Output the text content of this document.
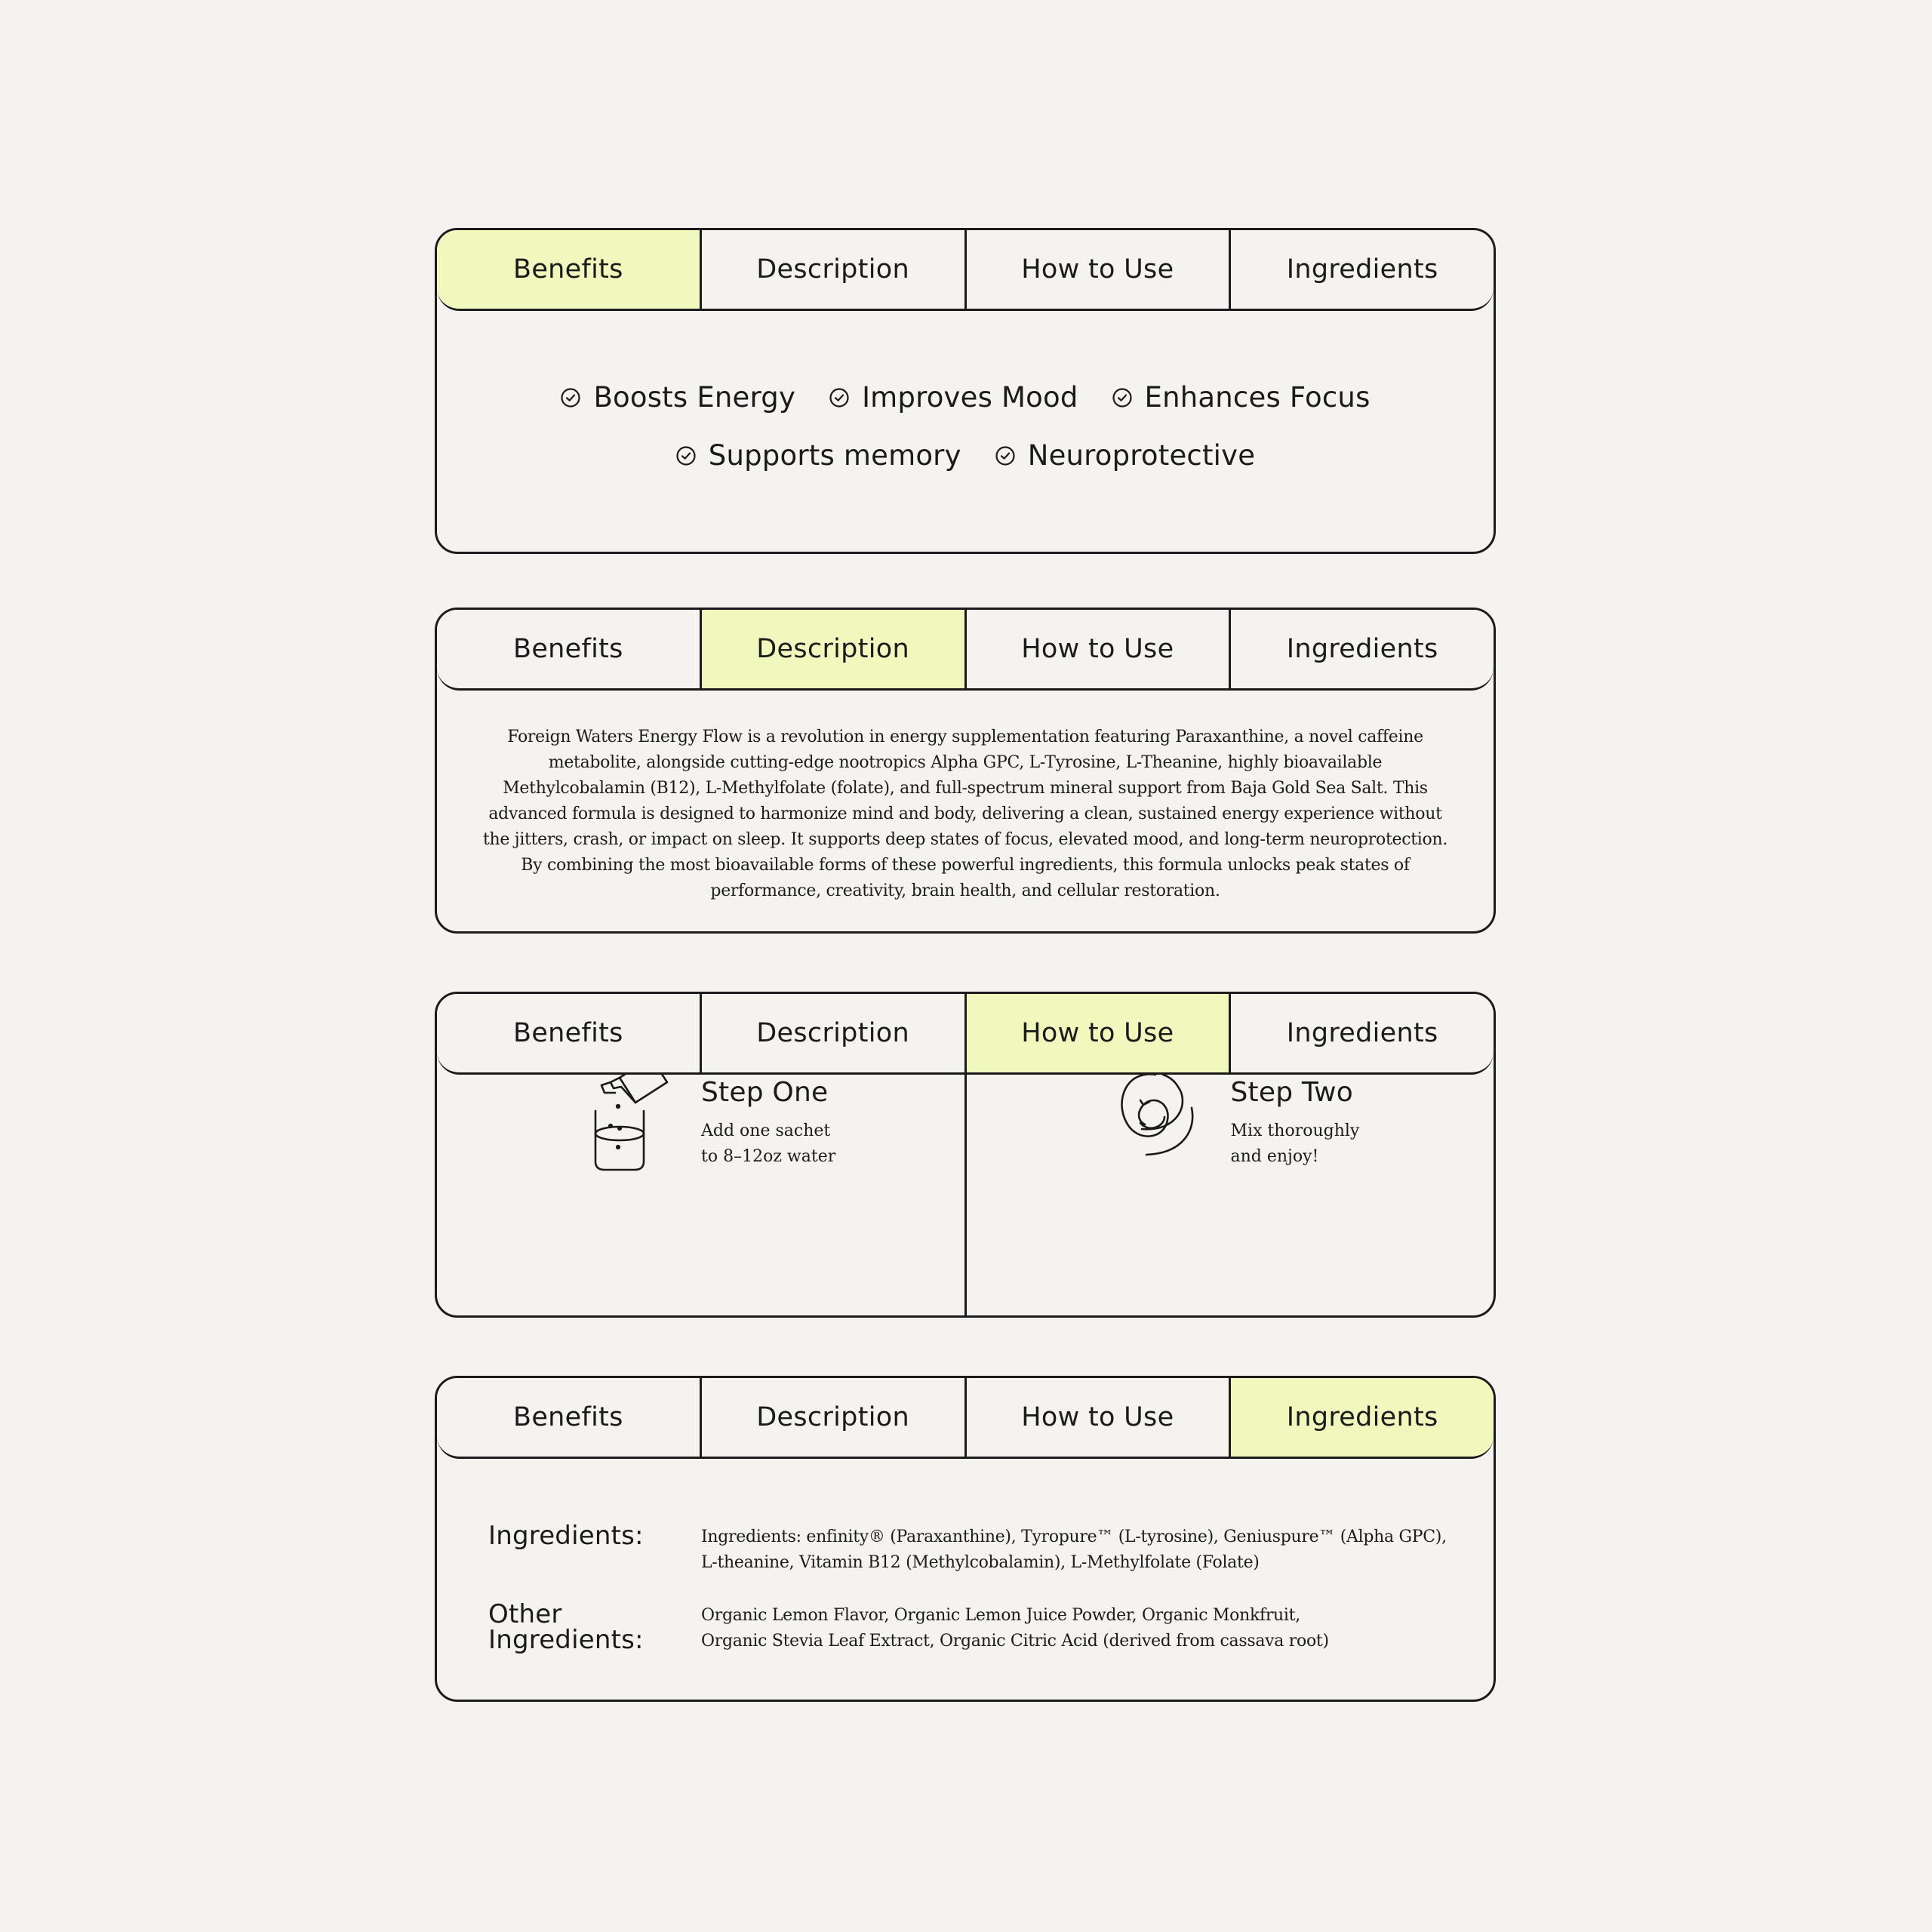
Benefits	Description	How to Use	Ingredients
Boosts Energy Improves Mood Enhances Focus
Supports memory Neuroprotective
Benefits	Description	How to Use	Ingredients
Foreign Waters Energy Flow is a revolution in energy supplementation featuring Paraxanthine, a novel caffeine metabolite, alongside cutting-edge nootropics Alpha GPC, L-Tyrosine, L-Theanine, highly bioavailable Methylcobalamin (B12), L-Methylfolate (folate), and full-spectrum mineral support from Baja Gold Sea Salt. This advanced formula is designed to harmonize mind and body, delivering a clean, sustained energy experience without the jitters, crash, or impact on sleep. It supports deep states of focus, elevated mood, and long-term neuroprotection. By combining the most bioavailable forms of these powerful ingredients, this formula unlocks peak states of performance, creativity, brain health, and cellular restoration.
Benefits	Description	How to Use	Ingredients
Step One
Add one sachet
to 8–12oz water
Step Two
Mix thoroughly
and enjoy!
Benefits	Description	How to Use	Ingredients
Ingredients:	Ingredients: enfinity® (Paraxanthine), Tyropure™ (L-tyrosine), Geniuspure™ (Alpha GPC), L-theanine, Vitamin B12 (Methylcobalamin), L-Methylfolate (Folate)
Other
Ingredients:
Organic Lemon Flavor, Organic Lemon Juice Powder, Organic Monkfruit,
Organic Stevia Leaf Extract, Organic Citric Acid (derived from cassava root)
